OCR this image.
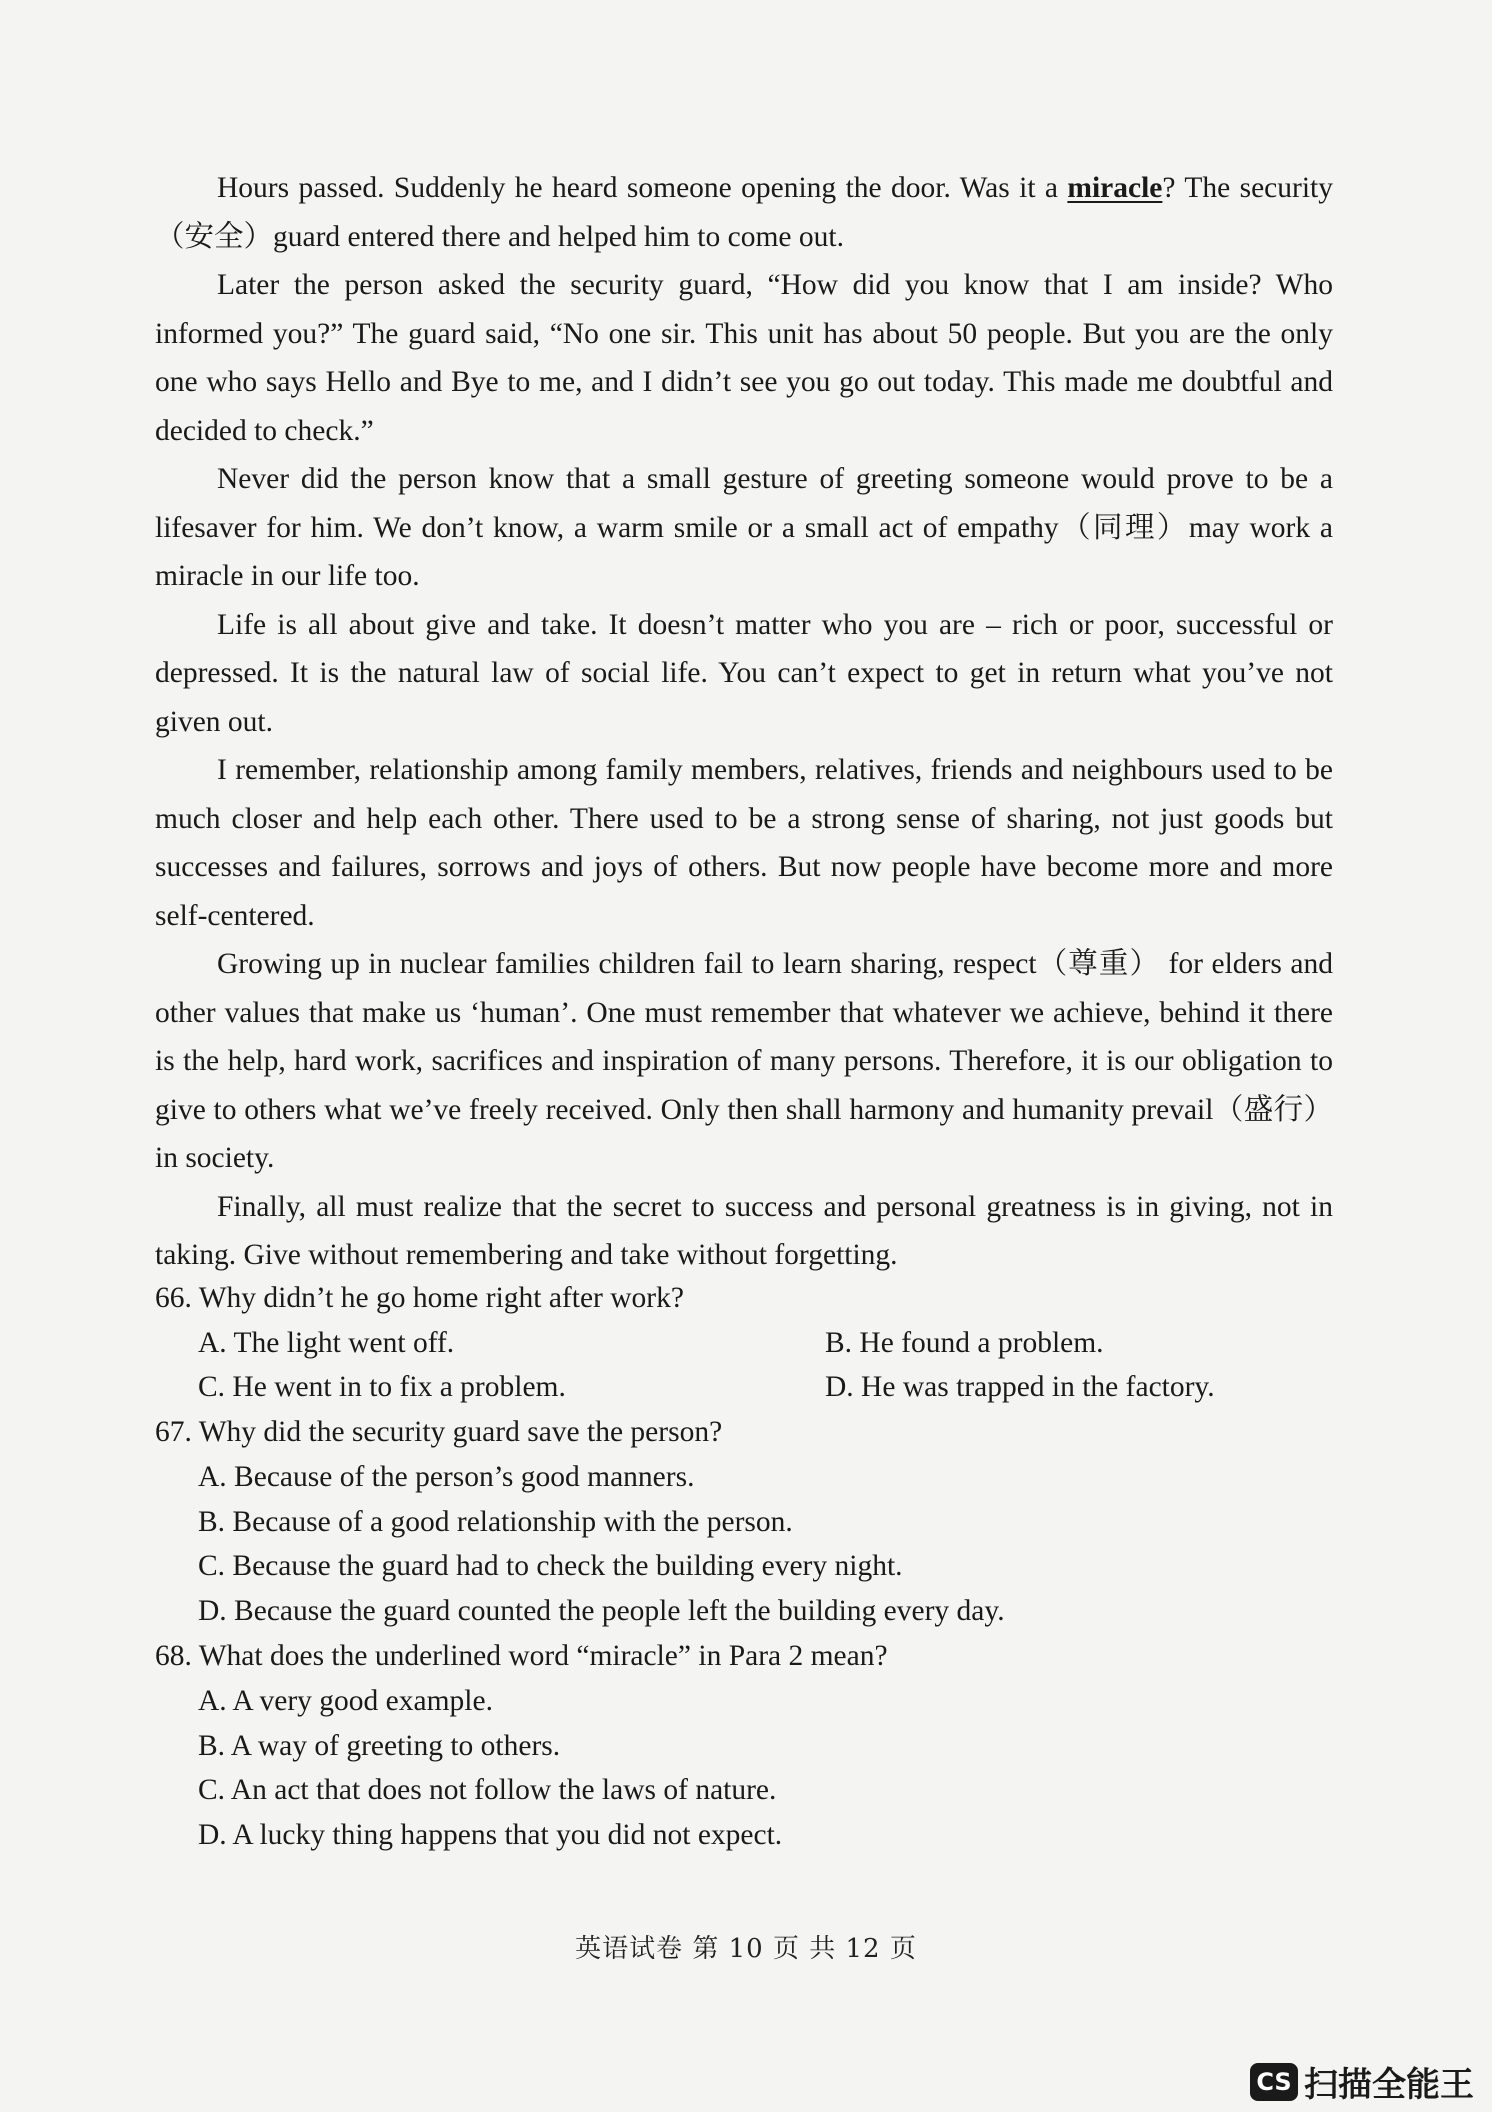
Hours passed. Suddenly he heard someone opening the door. Was it a miracle? The security （安全）guard entered there and helped him to come out.

Later the person asked the security guard, “How did you know that I am inside? Who informed you?” The guard said, “No one sir. This unit has about 50 people. But you are the only one who says Hello and Bye to me, and I didn’t see you go out today. This made me doubtful and decided to check.”

Never did the person know that a small gesture of greeting someone would prove to be a lifesaver for him. We don’t know, a warm smile or a small act of empathy（同理）may work a miracle in our life too.

Life is all about give and take. It doesn’t matter who you are – rich or poor, successful or depressed. It is the natural law of social life. You can’t expect to get in return what you’ve not given out.

I remember, relationship among family members, relatives, friends and neighbours used to be much closer and help each other. There used to be a strong sense of sharing, not just goods but successes and failures, sorrows and joys of others. But now people have become more and more self-centered.

Growing up in nuclear families children fail to learn sharing, respect（尊重） for elders and other values that make us ‘human’. One must remember that whatever we achieve, behind it there is the help, hard work, sacrifices and inspiration of many persons. Therefore, it is our obligation to give to others what we’ve freely received. Only then shall harmony and humanity prevail（盛行）in society.

Finally, all must realize that the secret to success and personal greatness is in giving, not in taking. Give without remembering and take without forgetting.

66. Why didn’t he go home right after work?

A. The light went off.	B. He found a problem.
C. He went in to fix a problem.	D. He was trapped in the factory.

67. Why did the security guard save the person?

A. Because of the person’s good manners.

B. Because of a good relationship with the person.

C. Because the guard had to check the building every night.

D. Because the guard counted the people left the building every day.

68. What does the underlined word “miracle” in Para 2 mean?

A. A very good example.

B. A way of greeting to others.

C. An act that does not follow the laws of nature.

D. A lucky thing happens that you did not expect.

英语试卷 第 10 页 共 12 页
CS 扫描全能王
